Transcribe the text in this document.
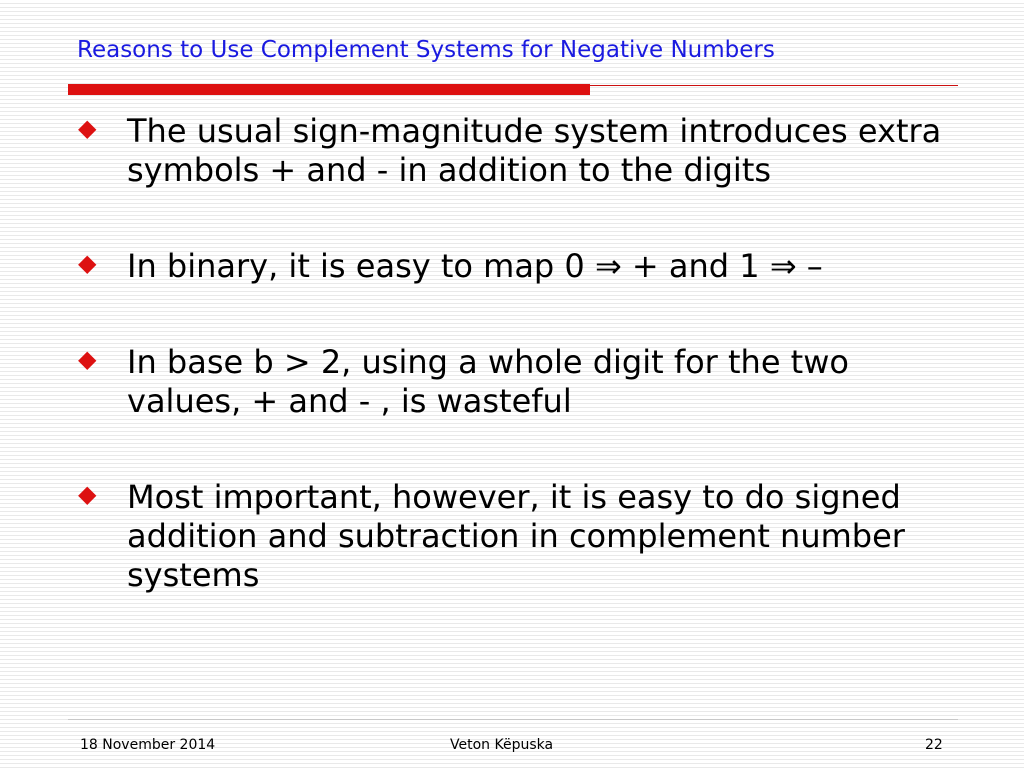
Reasons to Use Complement Systems for Negative Numbers
◆ The usual sign-magnitude system introduces extra symbols + and - in addition to the digits
◆ In binary, it is easy to map 0 ⇒ + and 1 ⇒ –
◆ In base b > 2, using a whole digit for the two values, + and - , is wasteful
◆ Most important, however, it is easy to do signed addition and subtraction in complement number systems
18 November 2014	Veton Këpuska	22
